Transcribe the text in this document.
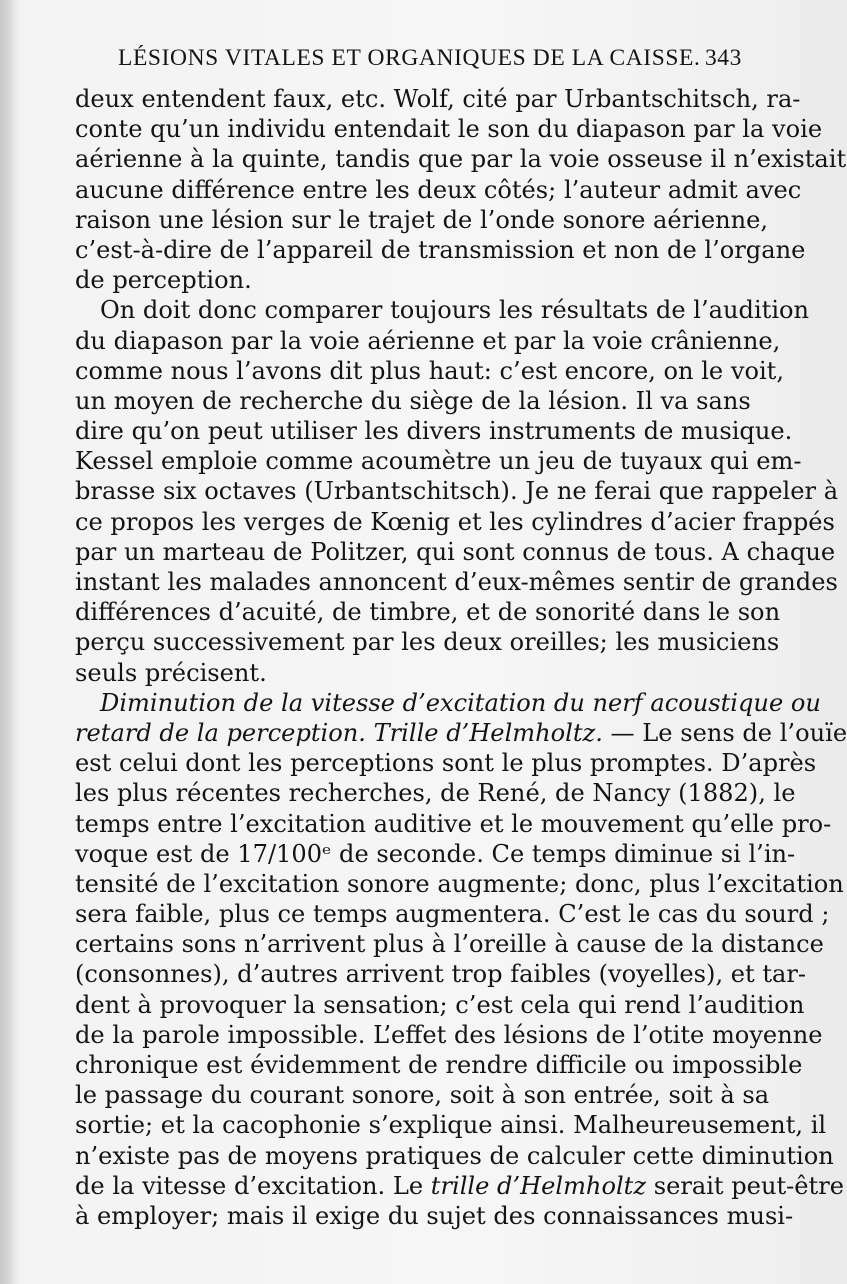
LÉSIONS VITALES ET ORGANIQUES DE LA CAISSE. 343
deux entendent faux, etc. Wolf, cité par Urbantschitsch, ra-
conte qu’un individu entendait le son du diapason par la voie
aérienne à la quinte, tandis que par la voie osseuse il n’existait
aucune différence entre les deux côtés; l’auteur admit avec
raison une lésion sur le trajet de l’onde sonore aérienne,
c’est-à-dire de l’appareil de transmission et non de l’organe
de perception.
On doit donc comparer toujours les résultats de l’audition
du diapason par la voie aérienne et par la voie crânienne,
comme nous l’avons dit plus haut: c’est encore, on le voit,
un moyen de recherche du siège de la lésion. Il va sans
dire qu’on peut utiliser les divers instruments de musique.
Kessel emploie comme acoumètre un jeu de tuyaux qui em-
brasse six octaves (Urbantschitsch). Je ne ferai que rappeler à
ce propos les verges de Kœnig et les cylindres d’acier frappés
par un marteau de Politzer, qui sont connus de tous. A chaque
instant les malades annoncent d’eux-mêmes sentir de grandes
différences d’acuité, de timbre, et de sonorité dans le son
perçu successivement par les deux oreilles; les musiciens
seuls précisent.
Diminution de la vitesse d’excitation du nerf acoustique ou
retard de la perception. Trille d’Helmholtz. — Le sens de l’ouïe
est celui dont les perceptions sont le plus promptes. D’après
les plus récentes recherches, de René, de Nancy (1882), le
temps entre l’excitation auditive et le mouvement qu’elle pro-
voque est de 17/100ᵉ de seconde. Ce temps diminue si l’in-
tensité de l’excitation sonore augmente; donc, plus l’excitation
sera faible, plus ce temps augmentera. C’est le cas du sourd ;
certains sons n’arrivent plus à l’oreille à cause de la distance
(consonnes), d’autres arrivent trop faibles (voyelles), et tar-
dent à provoquer la sensation; c’est cela qui rend l’audition
de la parole impossible. L’effet des lésions de l’otite moyenne
chronique est évidemment de rendre difficile ou impossible
le passage du courant sonore, soit à son entrée, soit à sa
sortie; et la cacophonie s’explique ainsi. Malheureusement, il
n’existe pas de moyens pratiques de calculer cette diminution
de la vitesse d’excitation. Le trille d’Helmholtz serait peut-être
à employer; mais il exige du sujet des connaissances musi-
